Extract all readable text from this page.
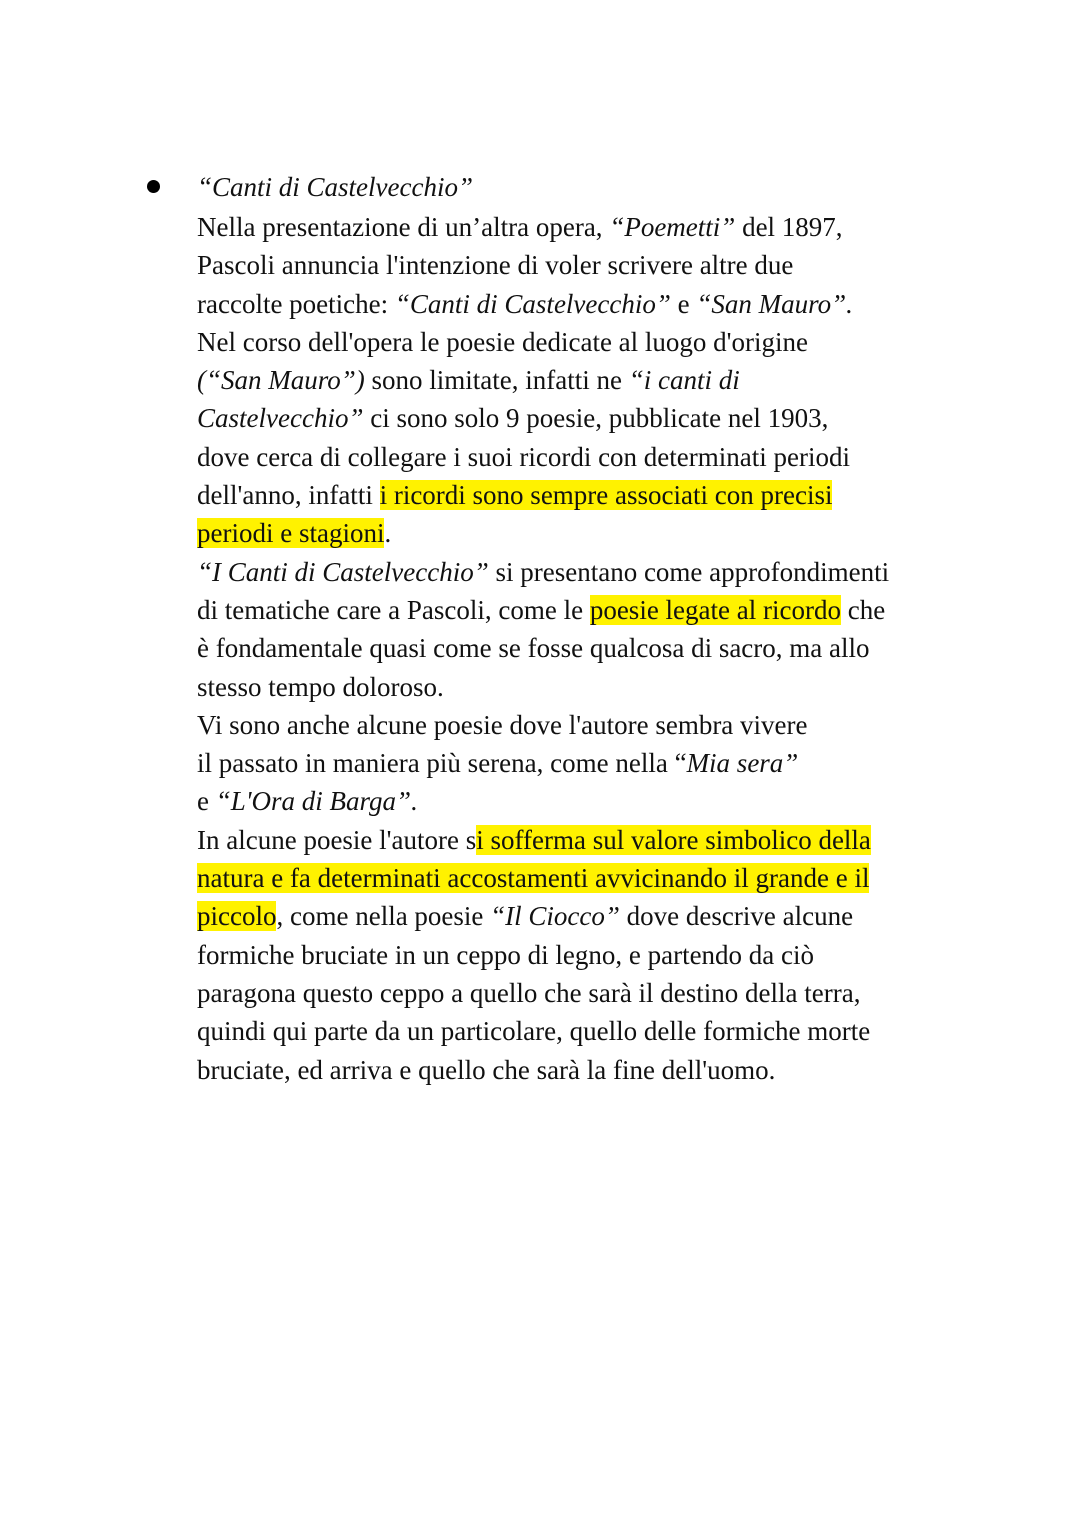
“Canti di Castelvecchio”
Nella presentazione di un’altra opera, “Poemetti” del 1897,
Pascoli annuncia l'intenzione di voler scrivere altre due
raccolte poetiche: “Canti di Castelvecchio” e “San Mauro”.
Nel corso dell'opera le poesie dedicate al luogo d'origine
(“San Mauro”) sono limitate, infatti ne “i canti di
Castelvecchio” ci sono solo 9 poesie, pubblicate nel 1903,
dove cerca di collegare i suoi ricordi con determinati periodi
dell'anno, infatti i ricordi sono sempre associati con precisi
periodi e stagioni.
“I Canti di Castelvecchio” si presentano come approfondimenti
di tematiche care a Pascoli, come le poesie legate al ricordo che
è fondamentale quasi come se fosse qualcosa di sacro, ma allo
stesso tempo doloroso.
Vi sono anche alcune poesie dove l'autore sembra vivere
il passato in maniera più serena, come nella “Mia sera”
e “L'Ora di Barga”.
In alcune poesie l'autore si sofferma sul valore simbolico della
natura e fa determinati accostamenti avvicinando il grande e il
piccolo, come nella poesie “Il Ciocco” dove descrive alcune
formiche bruciate in un ceppo di legno, e partendo da ciò
paragona questo ceppo a quello che sarà il destino della terra,
quindi qui parte da un particolare, quello delle formiche morte
bruciate, ed arriva e quello che sarà la fine dell'uomo.
